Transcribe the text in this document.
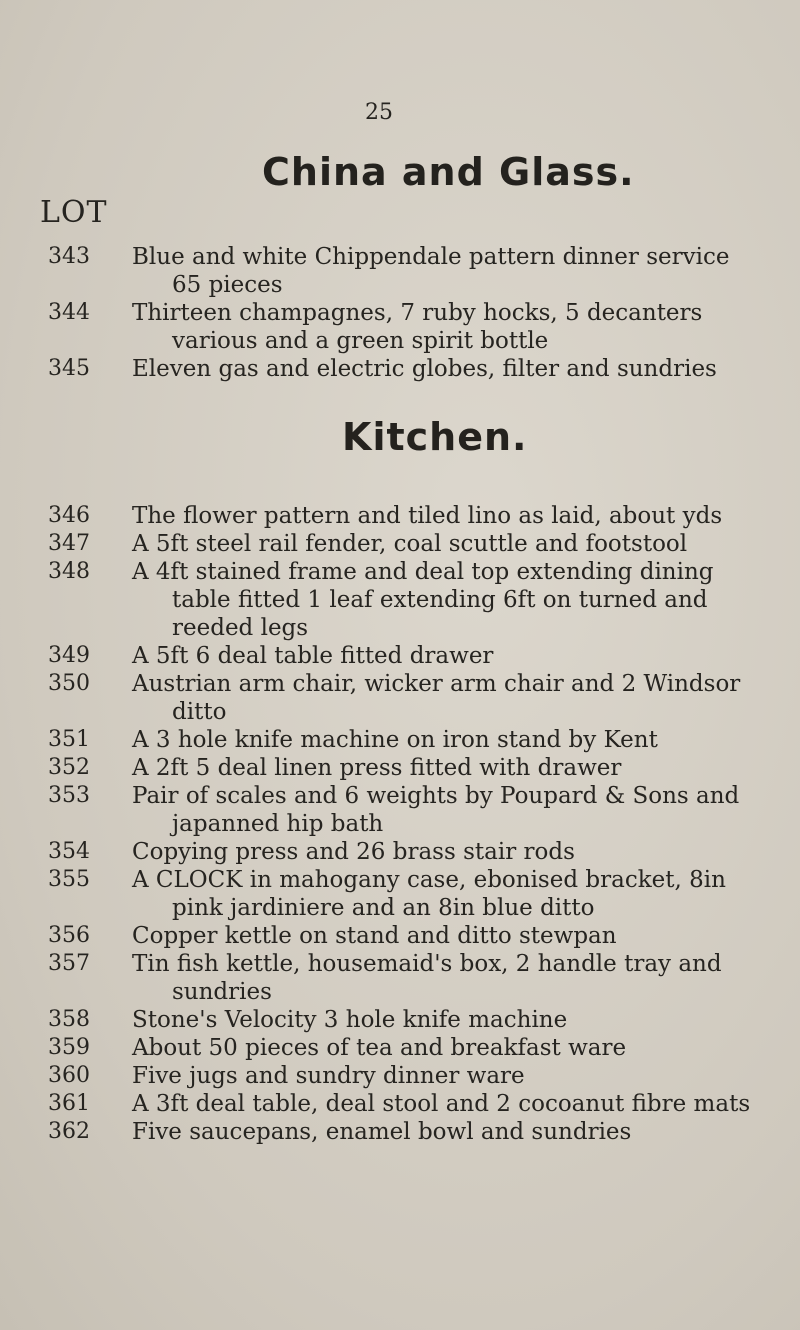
25
China and Glass.
LOT
343 Blue and white Chippendale pattern dinner service
65 pieces
344 Thirteen champagnes, 7 ruby hocks, 5 decanters
various and a green spirit bottle
345 Eleven gas and electric globes, filter and sundries
Kitchen.
346 The flower pattern and tiled lino as laid, about yds
347 A 5ft steel rail fender, coal scuttle and footstool
348 A 4ft stained frame and deal top extending dining
table fitted 1 leaf extending 6ft on turned and
reeded legs
349 A 5ft 6 deal table fitted drawer
350 Austrian arm chair, wicker arm chair and 2 Windsor
ditto
351 A 3 hole knife machine on iron stand by Kent
352 A 2ft 5 deal linen press fitted with drawer
353 Pair of scales and 6 weights by Poupard & Sons and
japanned hip bath
354 Copying press and 26 brass stair rods
355 A CLOCK in mahogany case, ebonised bracket, 8in
pink jardiniere and an 8in blue ditto
356 Copper kettle on stand and ditto stewpan
357 Tin fish kettle, housemaid's box, 2 handle tray and
sundries
358 Stone's Velocity 3 hole knife machine
359 About 50 pieces of tea and breakfast ware
360 Five jugs and sundry dinner ware
361 A 3ft deal table, deal stool and 2 cocoanut fibre mats
362 Five saucepans, enamel bowl and sundries
